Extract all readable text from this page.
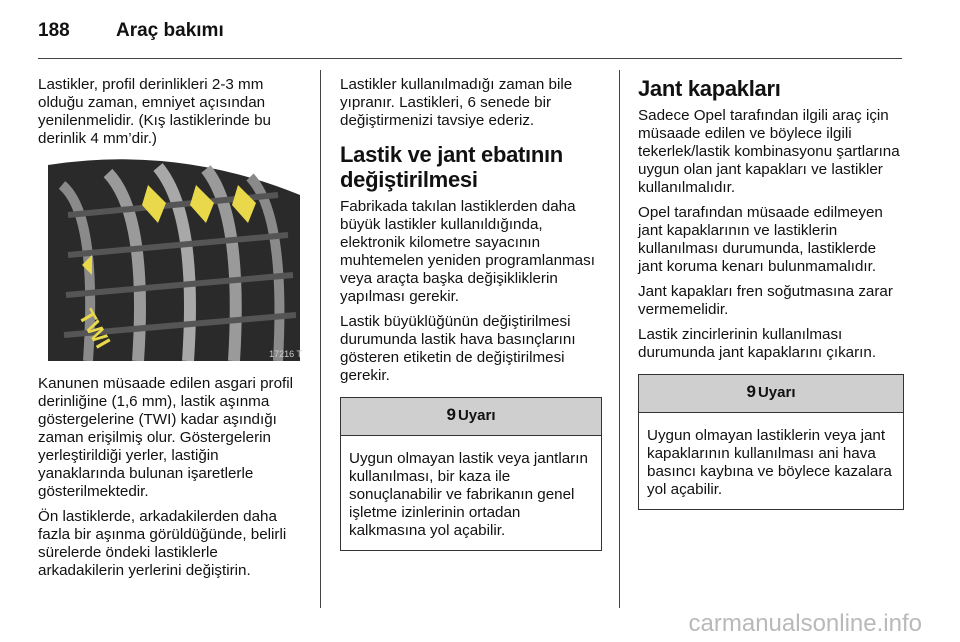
188 Araç bakımı

Lastikler, profil derinlikleri 2-3 mm olduğu zaman, emniyet açısından yenilenmelidir. (Kış lastiklerinde bu derinlik 4 mm’dir.)

TWI
17216 T

Kanunen müsaade edilen asgari profil derinliğine (1,6 mm), lastik aşınma göstergelerine (TWI) kadar aşındığı zaman erişilmiş olur. Göstergelerin yerleştirildiği yerler, lastiğin yanaklarında bulunan işaretlerle gösterilmektedir.

Ön lastiklerde, arkadakilerden daha fazla bir aşınma görüldüğünde, belirli sürelerde öndeki lastiklerle arkadakilerin yerlerini değiştirin.

Lastikler kullanılmadığı zaman bile yıpranır. Lastikleri, 6 senede bir değiştirmenizi tavsiye ederiz.

Lastik ve jant ebatının değiştirilmesi

Fabrikada takılan lastiklerden daha büyük lastikler kullanıldığında, elektronik kilometre sayacının muhtemelen yeniden programlanması veya araçta başka değişikliklerin yapılması gerekir.

Lastik büyüklüğünün değiştirilmesi durumunda lastik hava basınçlarını gösteren etiketin de değiştirilmesi gerekir.

9 Uyarı
Uygun olmayan lastik veya jantların kullanılması, bir kaza ile sonuçlanabilir ve fabrikanın genel işletme izinlerinin ortadan kalkmasına yol açabilir.
Jant kapakları

Sadece Opel tarafından ilgili araç için müsaade edilen ve böylece ilgili tekerlek/lastik kombinasyonu şartlarına uygun olan jant kapakları ve lastikler kullanılmalıdır.

Opel tarafından müsaade edilmeyen jant kapaklarının ve lastiklerin kullanılması durumunda, lastiklerde jant koruma kenarı bulunmamalıdır.

Jant kapakları fren soğutmasına zarar vermemelidir.

Lastik zincirlerinin kullanılması durumunda jant kapaklarını çıkarın.

9 Uyarı
Uygun olmayan lastiklerin veya jant kapaklarının kullanılması ani hava basıncı kaybına ve böylece kazalara yol açabilir.
carmanualsonline.info
